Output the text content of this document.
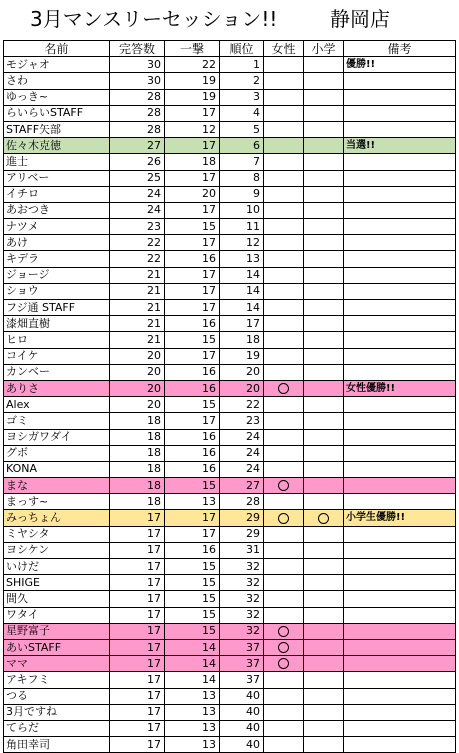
3月マンスリーセッション!!	静岡店
名前	完答数	一撃	順位	女性	小学	備考
モジャオ	30	22	1			優勝!!
さわ	30	19	2			
ゆっき~	28	19	3			
らいらいSTAFF	28	17	4			
STAFF矢部	28	12	5			
佐々木克徳	27	17	6			当選!!
進士	26	18	7			
アリベー	25	17	8			
イチロ	24	20	9			
あおつき	24	17	10			
ナツメ	23	15	11			
あけ	22	17	12			
キデラ	22	16	13			
ジョージ	21	17	14			
ショウ	21	17	14			
フジ通 STAFF	21	17	14			
漆畑直樹	21	16	17			
ヒロ	21	15	18			
コイケ	20	17	19			
カンベー	20	16	20			
ありさ	20	16	20			女性優勝!!
Alex	20	15	22			
ゴミ	18	17	23			
ヨシガワダイ	18	16	24			
グボ	18	16	24			
KONA	18	16	24			
まな	18	15	27			
まっす~	18	13	28			
みっちょん	17	17	29			小学生優勝!!
ミヤシタ	17	17	29			
ヨシケン	17	16	31			
いけだ	17	15	32			
SHIGE	17	15	32			
間久	17	15	32			
ワタイ	17	15	32			
星野富子	17	15	32			
あいSTAFF	17	14	37			
ママ	17	14	37			
アキフミ	17	14	37			
つる	17	13	40			
3月ですね	17	13	40			
てらだ	17	13	40			
角田幸司	17	13	40			
